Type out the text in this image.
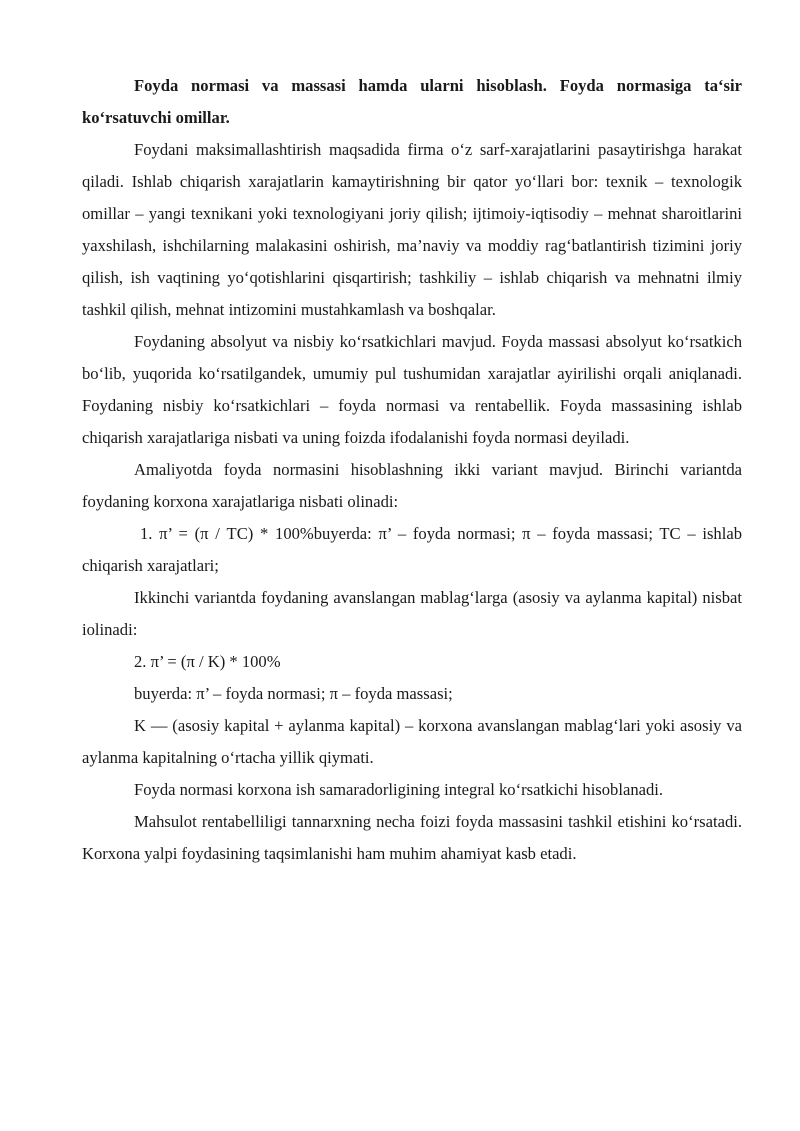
Foyda normasi va massasi hamda ularni hisoblash. Foyda normasiga ta‘sir ko‘rsatuvchi omillar.

Foydani maksimallashtirish maqsadida firma o‘z sarf-xarajatlarini pasaytirishga harakat qiladi. Ishlab chiqarish xarajatlarin kamaytirishning bir qator yo‘llari bor: texnik – texnologik omillar – yangi texnikani yoki texnologiyani joriy qilish; ijtimoiy-iqtisodiy – mehnat sharoitlarini yaxshilash, ishchilarning malakasini oshirish, ma’naviy va moddiy rag‘batlantirish tizimini joriy qilish, ish vaqtining yo‘qotishlarini qisqartirish; tashkiliy – ishlab chiqarish va mehnatni ilmiy tashkil qilish, mehnat intizomini mustahkamlash va boshqalar.

Foydaning absolyut va nisbiy ko‘rsatkichlari mavjud. Foyda massasi absolyut ko‘rsatkich bo‘lib, yuqorida ko‘rsatilgandek, umumiy pul tushumidan xarajatlar ayirilishi orqali aniqlanadi. Foydaning nisbiy ko‘rsatkichlari – foyda normasi va rentabellik. Foyda massasining ishlab chiqarish xarajatlariga nisbati va uning foizda ifodalanishi foyda normasi deyiladi.

Amaliyotda foyda normasini hisoblashning ikki variant mavjud. Birinchi variantda foydaning korxona xarajatlariga nisbati olinadi:

1. π’ = (π / TC) * 100%buyerda: π’ – foyda normasi; π – foyda massasi; TC – ishlab chiqarish xarajatlari;

Ikkinchi variantda foydaning avanslangan mablag‘larga (asosiy va aylanma kapital) nisbat iolinadi:

2. π’ = (π / K) * 100%

buyerda: π’ – foyda normasi; π – foyda massasi;

K — (asosiy kapital + aylanma kapital) – korxona avanslangan mablag‘lari yoki asosiy va aylanma kapitalning o‘rtacha yillik qiymati.

Foyda normasi korxona ish samaradorligining integral ko‘rsatkichi hisoblanadi.

Mahsulot rentabelliligi tannarxning necha foizi foyda massasini tashkil etishini ko‘rsatadi. Korxona yalpi foydasining taqsimlanishi ham muhim ahamiyat kasb etadi.
